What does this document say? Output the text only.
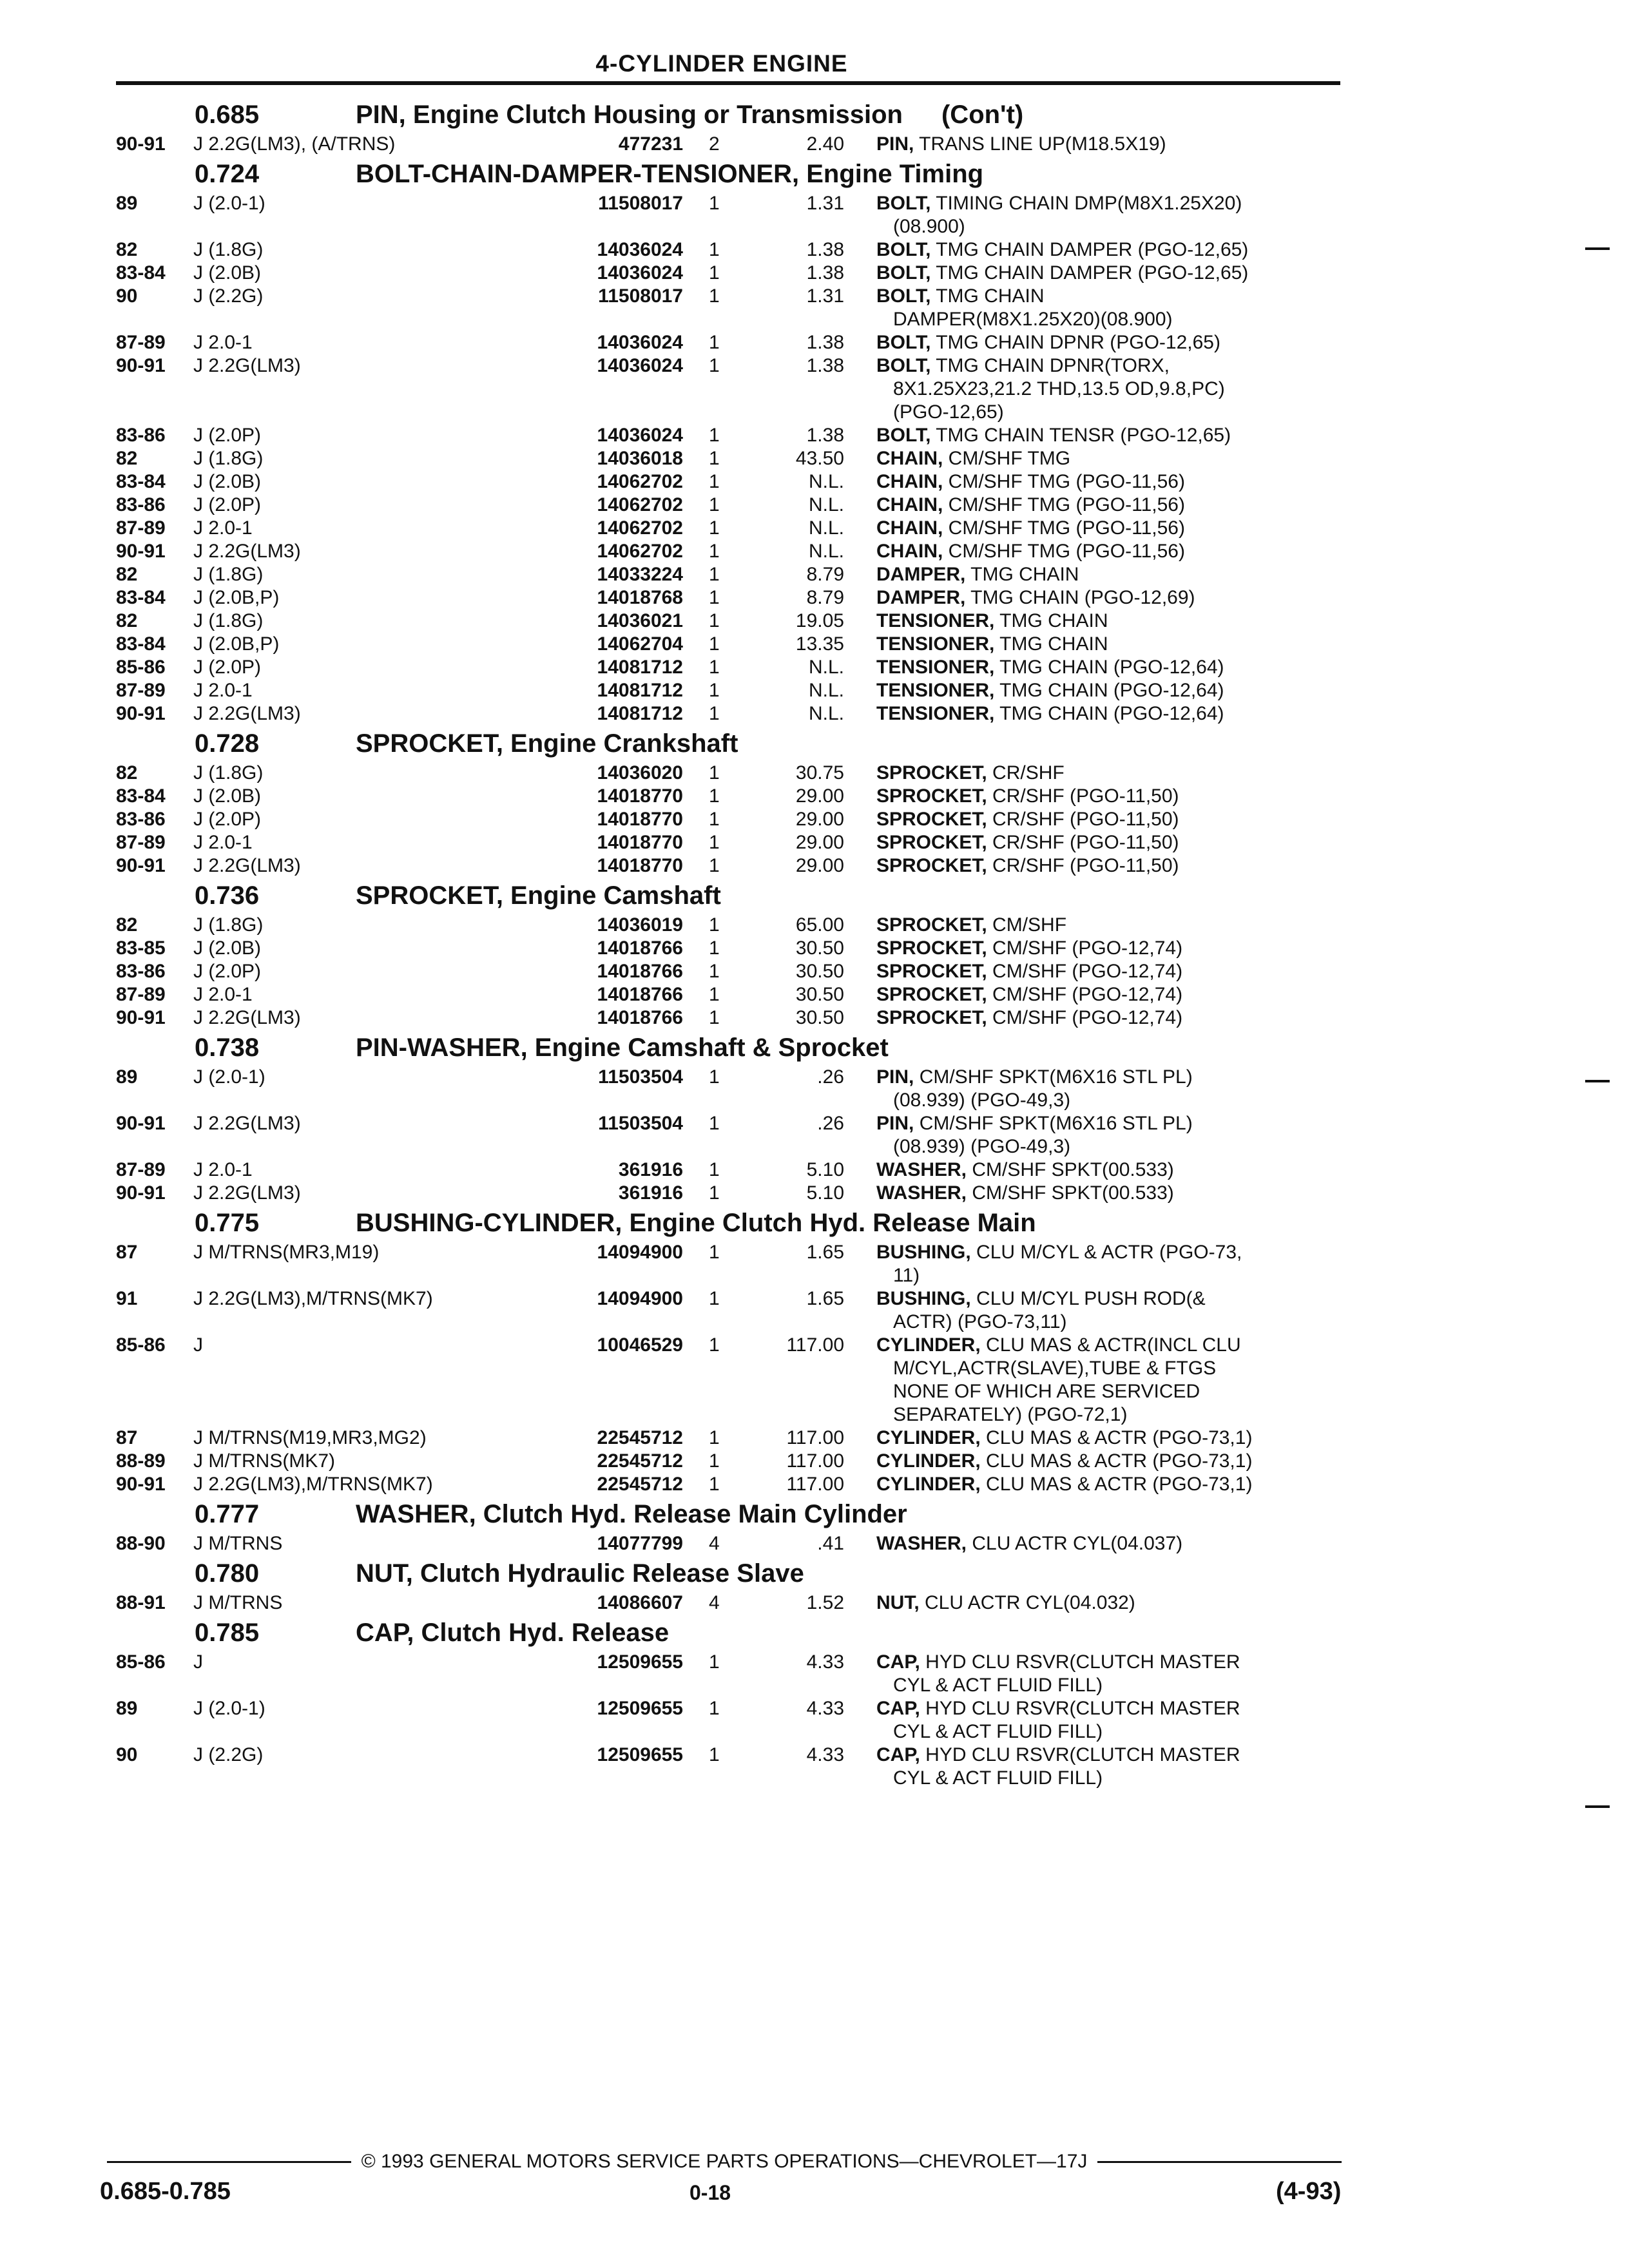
4-CYLINDER ENGINE
0.685	PIN, Engine Clutch Housing or Transmission (Con't)
90-91	J 2.2G(LM3), (A/TRNS)	477231	2	2.40	PIN, TRANS LINE UP(M18.5X19)
0.724	BOLT-CHAIN-DAMPER-TENSIONER, Engine Timing
89	J (2.0-1)	11508017	1	1.31	BOLT, TIMING CHAIN DMP(M8X1.25X20)
(08.900)
82	J (1.8G)	14036024	1	1.38	BOLT, TMG CHAIN DAMPER (PGO-12,65)
83-84	J (2.0B)	14036024	1	1.38	BOLT, TMG CHAIN DAMPER (PGO-12,65)
90	J (2.2G)	11508017	1	1.31	BOLT, TMG CHAIN
DAMPER(M8X1.25X20)(08.900)
87-89	J 2.0-1	14036024	1	1.38	BOLT, TMG CHAIN DPNR (PGO-12,65)
90-91	J 2.2G(LM3)	14036024	1	1.38	BOLT, TMG CHAIN DPNR(TORX,
8X1.25X23,21.2 THD,13.5 OD,9.8,PC)
(PGO-12,65)
83-86	J (2.0P)	14036024	1	1.38	BOLT, TMG CHAIN TENSR (PGO-12,65)
82	J (1.8G)	14036018	1	43.50	CHAIN, CM/SHF TMG
83-84	J (2.0B)	14062702	1	N.L.	CHAIN, CM/SHF TMG (PGO-11,56)
83-86	J (2.0P)	14062702	1	N.L.	CHAIN, CM/SHF TMG (PGO-11,56)
87-89	J 2.0-1	14062702	1	N.L.	CHAIN, CM/SHF TMG (PGO-11,56)
90-91	J 2.2G(LM3)	14062702	1	N.L.	CHAIN, CM/SHF TMG (PGO-11,56)
82	J (1.8G)	14033224	1	8.79	DAMPER, TMG CHAIN
83-84	J (2.0B,P)	14018768	1	8.79	DAMPER, TMG CHAIN (PGO-12,69)
82	J (1.8G)	14036021	1	19.05	TENSIONER, TMG CHAIN
83-84	J (2.0B,P)	14062704	1	13.35	TENSIONER, TMG CHAIN
85-86	J (2.0P)	14081712	1	N.L.	TENSIONER, TMG CHAIN (PGO-12,64)
87-89	J 2.0-1	14081712	1	N.L.	TENSIONER, TMG CHAIN (PGO-12,64)
90-91	J 2.2G(LM3)	14081712	1	N.L.	TENSIONER, TMG CHAIN (PGO-12,64)
0.728	SPROCKET, Engine Crankshaft
82	J (1.8G)	14036020	1	30.75	SPROCKET, CR/SHF
83-84	J (2.0B)	14018770	1	29.00	SPROCKET, CR/SHF (PGO-11,50)
83-86	J (2.0P)	14018770	1	29.00	SPROCKET, CR/SHF (PGO-11,50)
87-89	J 2.0-1	14018770	1	29.00	SPROCKET, CR/SHF (PGO-11,50)
90-91	J 2.2G(LM3)	14018770	1	29.00	SPROCKET, CR/SHF (PGO-11,50)
0.736	SPROCKET, Engine Camshaft
82	J (1.8G)	14036019	1	65.00	SPROCKET, CM/SHF
83-85	J (2.0B)	14018766	1	30.50	SPROCKET, CM/SHF (PGO-12,74)
83-86	J (2.0P)	14018766	1	30.50	SPROCKET, CM/SHF (PGO-12,74)
87-89	J 2.0-1	14018766	1	30.50	SPROCKET, CM/SHF (PGO-12,74)
90-91	J 2.2G(LM3)	14018766	1	30.50	SPROCKET, CM/SHF (PGO-12,74)
0.738	PIN-WASHER, Engine Camshaft & Sprocket
89	J (2.0-1)	11503504	1	.26	PIN, CM/SHF SPKT(M6X16 STL PL)
(08.939) (PGO-49,3)
90-91	J 2.2G(LM3)	11503504	1	.26	PIN, CM/SHF SPKT(M6X16 STL PL)
(08.939) (PGO-49,3)
87-89	J 2.0-1	361916	1	5.10	WASHER, CM/SHF SPKT(00.533)
90-91	J 2.2G(LM3)	361916	1	5.10	WASHER, CM/SHF SPKT(00.533)
0.775	BUSHING-CYLINDER, Engine Clutch Hyd. Release Main
87	J M/TRNS(MR3,M19)	14094900	1	1.65	BUSHING, CLU M/CYL & ACTR (PGO-73,
11)
91	J 2.2G(LM3),M/TRNS(MK7)	14094900	1	1.65	BUSHING, CLU M/CYL PUSH ROD(&
ACTR) (PGO-73,11)
85-86	J	10046529	1	117.00	CYLINDER, CLU MAS & ACTR(INCL CLU
M/CYL,ACTR(SLAVE),TUBE & FTGS
NONE OF WHICH ARE SERVICED
SEPARATELY) (PGO-72,1)
87	J M/TRNS(M19,MR3,MG2)	22545712	1	117.00	CYLINDER, CLU MAS & ACTR (PGO-73,1)
88-89	J M/TRNS(MK7)	22545712	1	117.00	CYLINDER, CLU MAS & ACTR (PGO-73,1)
90-91	J 2.2G(LM3),M/TRNS(MK7)	22545712	1	117.00	CYLINDER, CLU MAS & ACTR (PGO-73,1)
0.777	WASHER, Clutch Hyd. Release Main Cylinder
88-90	J M/TRNS	14077799	4	.41	WASHER, CLU ACTR CYL(04.037)
0.780	NUT, Clutch Hydraulic Release Slave
88-91	J M/TRNS	14086607	4	1.52	NUT, CLU ACTR CYL(04.032)
0.785	CAP, Clutch Hyd. Release
85-86	J	12509655	1	4.33	CAP, HYD CLU RSVR(CLUTCH MASTER
CYL & ACT FLUID FILL)
89	J (2.0-1)	12509655	1	4.33	CAP, HYD CLU RSVR(CLUTCH MASTER
CYL & ACT FLUID FILL)
90	J (2.2G)	12509655	1	4.33	CAP, HYD CLU RSVR(CLUTCH MASTER
CYL & ACT FLUID FILL)
© 1993 GENERAL MOTORS SERVICE PARTS OPERATIONS—CHEVROLET—17J
0.685-0.785	0-18	(4-93)
